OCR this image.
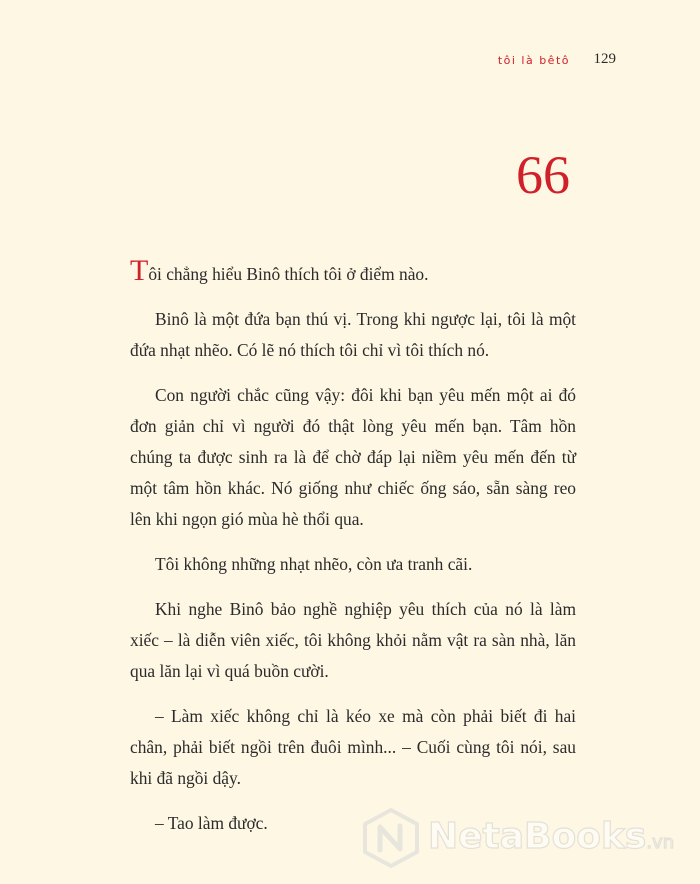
tôi là bêtô 129
66

Tôi chẳng hiểu Binô thích tôi ở điểm nào.

Binô là một đứa bạn thú vị. Trong khi ngược lại, tôi là một đứa nhạt nhẽo. Có lẽ nó thích tôi chỉ vì tôi thích nó.

Con người chắc cũng vậy: đôi khi bạn yêu mến một ai đó đơn giản chỉ vì người đó thật lòng yêu mến bạn. Tâm hồn chúng ta được sinh ra là để chờ đáp lại niềm yêu mến đến từ một tâm hồn khác. Nó giống như chiếc ống sáo, sẵn sàng reo lên khi ngọn gió mùa hè thổi qua.

Tôi không những nhạt nhẽo, còn ưa tranh cãi.

Khi nghe Binô bảo nghề nghiệp yêu thích của nó là làm xiếc – là diễn viên xiếc, tôi không khỏi nằm vật ra sàn nhà, lăn qua lăn lại vì quá buồn cười.

– Làm xiếc không chỉ là kéo xe mà còn phải biết đi hai chân, phải biết ngồi trên đuôi mình... – Cuối cùng tôi nói, sau khi đã ngồi dậy.

– Tao làm được.	NetaBooks.vn
